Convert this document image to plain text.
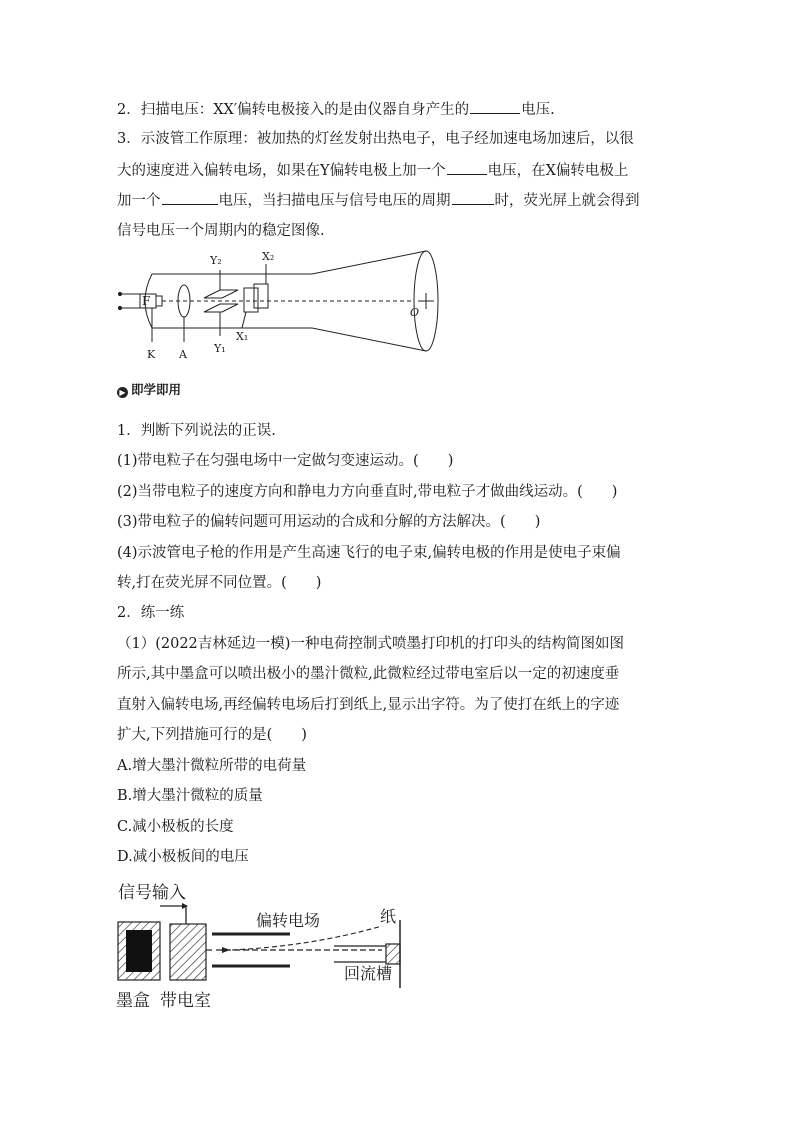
2．扫描电压：XX′偏转电极接入的是由仪器自身产生的	电压.
3．示波管工作原理：被加热的灯丝发射出热电子，电子经加速电场加速后，以很
大的速度进入偏转电场，如果在Y偏转电极上加一个	电压，在X偏转电极上
加一个	电压，当扫描电压与信号电压的周期	时，荧光屏上就会得到
信号电压一个周期内的稳定图像.
Y₂	X₂
F
K A Y₁
X₁
O
▶ 即学即用
1．判断下列说法的正误.
(1)带电粒子在匀强电场中一定做匀变速运动。(　　)
(2)当带电粒子的速度方向和静电力方向垂直时,带电粒子才做曲线运动。(　　)
(3)带电粒子的偏转问题可用运动的合成和分解的方法解决。(　　)
(4)示波管电子枪的作用是产生高速飞行的电子束,偏转电极的作用是使电子束偏
转,打在荧光屏不同位置。(　　)
2．练一练
（1）(2022吉林延边一模)一种电荷控制式喷墨打印机的打印头的结构简图如图
所示,其中墨盒可以喷出极小的墨汁微粒,此微粒经过带电室后以一定的初速度垂
直射入偏转电场,再经偏转电场后打到纸上,显示出字符。为了使打在纸上的字迹
扩大,下列措施可行的是(　　)
A.增大墨汁微粒所带的电荷量
B.增大墨汁微粒的质量
C.减小极板的长度
D.减小极板间的电压
信号输入
偏转电场	纸
墨盒 带电室
回流槽
